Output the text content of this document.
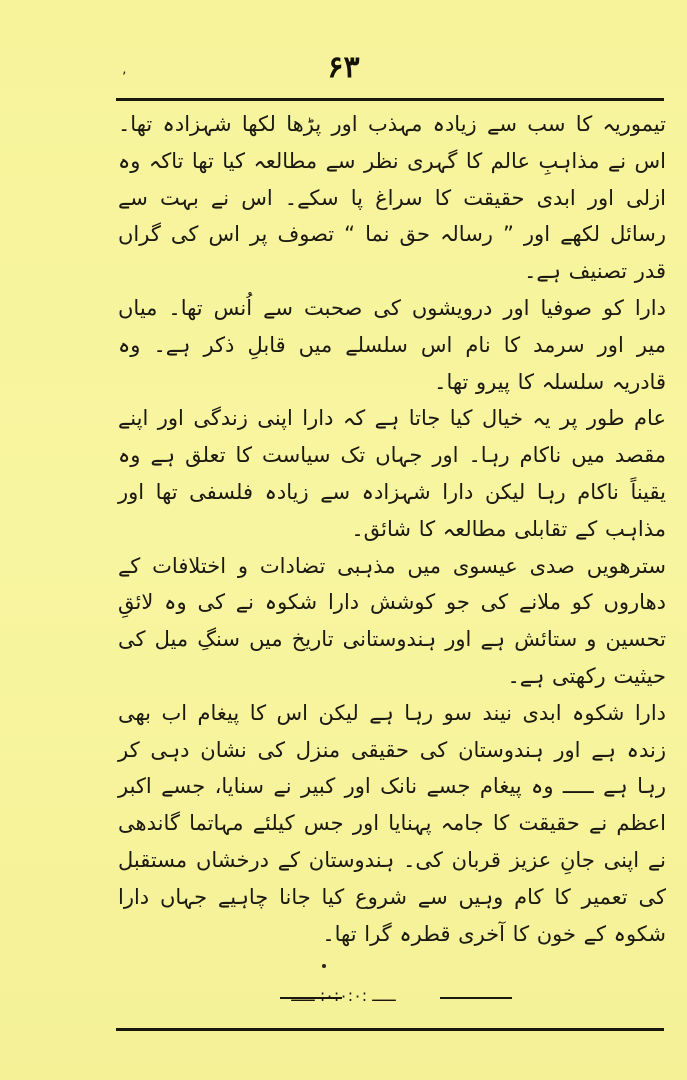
۶۳
’

تیموریہ کا سب سے زیادہ مہذب اور پڑھا لکھا شہزادہ تھا۔ اس نے مذاہبِ عالم کا گہری نظر سے مطالعہ کیا تھا تاکہ وہ ازلی اور ابدی حقیقت کا سراغ پا سکے۔ اس نے بہت سے رسائل لکھے اور ” رسالہ حق نما “ تصوف پر اس کی گراں قدر تصنیف ہے۔

دارا کو صوفیا اور درویشوں کی صحبت سے اُنس تھا۔ میاں میر اور سرمد کا نام اس سلسلے میں قابلِ ذکر ہے۔ وہ قادریہ سلسلہ کا پیرو تھا۔

عام طور پر یہ خیال کیا جاتا ہے کہ دارا اپنی زندگی اور اپنے مقصد میں ناکام رہا۔ اور جہاں تک سیاست کا تعلق ہے وہ یقیناً ناکام رہا لیکن دارا شہزادہ سے زیادہ فلسفی تھا اور مذاہب کے تقابلی مطالعہ کا شائق۔

سترھویں صدی عیسوی میں مذہبی تضادات و اختلافات کے دھاروں کو ملانے کی جو کوشش دارا شکوہ نے کی وہ لائقِ تحسین و ستائش ہے اور ہندوستانی تاریخ میں سنگِ میل کی حیثیت رکھتی ہے۔

دارا شکوہ ابدی نیند سو رہا ہے لیکن اس کا پیغام اب بھی زندہ ہے اور ہندوستان کی حقیقی منزل کی نشان دہی کر رہا ہے ـــــ وہ پیغام جسے نانک اور کبیر نے سنایا، جسے اکبر اعظم نے حقیقت کا جامہ پہنایا اور جس کیلئے مہاتما گاندھی نے اپنی جانِ عزیز قربان کی۔ ہندوستان کے درخشاں مستقبل کی تعمیر کا کام وہیں سے شروع کیا جانا چاہیے جہاں دارا شکوہ کے خون کا آخری قطرہ گرا تھا۔

ـــــ :۰:۰:۰: ـــــ
